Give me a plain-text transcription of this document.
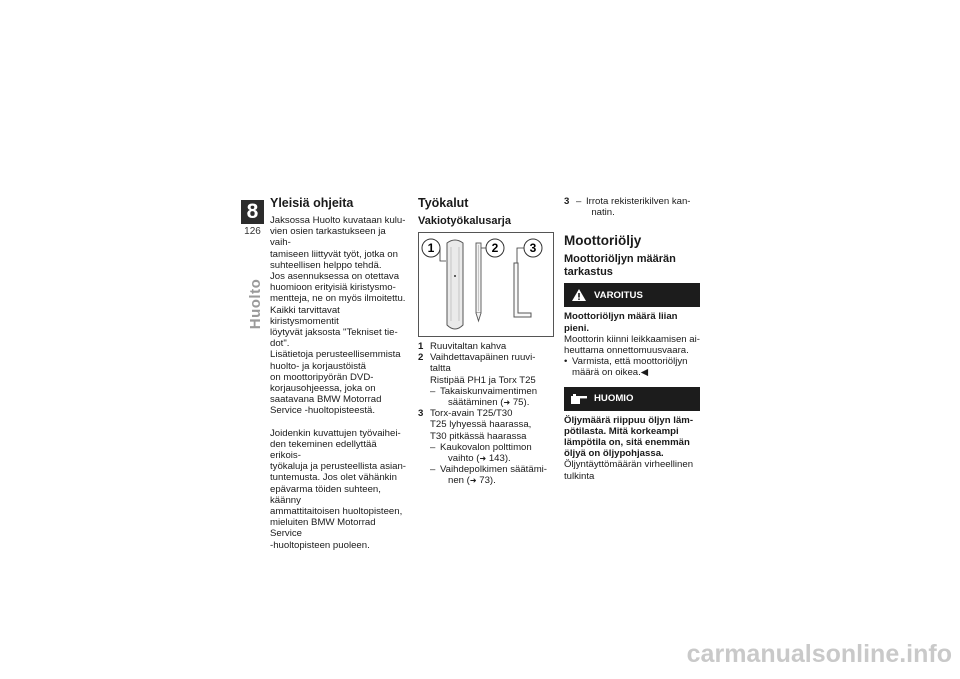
8
126
Huolto
Yleisiä ohjeita

Jaksossa Huolto kuvataan kulu-

vien osien tarkastukseen ja vaih-

tamiseen liittyvät työt, jotka on

suhteellisen helppo tehdä.

Jos asennuksessa on otettava

huomioon erityisiä kiristysmo-

mentteja, ne on myös ilmoitettu.

Kaikki tarvittavat kiristysmomentit

löytyvät jaksosta "Tekniset tie-

dot".

Lisätietoja perusteellisemmista

huolto- ja korjaustöistä

on moottoripyörän DVD-

korjausohjeessa, joka on

saatavana BMW Motorrad

Service -huoltopisteestä.

Joidenkin kuvattujen työvaihei-

den tekeminen edellyttää erikois-

työkaluja ja perusteellista asian-

tuntemusta. Jos olet vähänkin

epävarma töiden suhteen, käänny

ammattitaitoisen huoltopisteen,

mieluiten BMW Motorrad Service

-huoltopisteen puoleen.

Työkalut
Vakiotyökalusarja
1	2	3
1 Ruuvitaltan kahva
2 Vaihdettavapäinen ruuvi-

taltta

Ristipää PH1 ja Torx T25

– Takaiskunvaimentimen

säätäminen ( ➜ 75).

3 Torx-avain T25/T30

T25 lyhyessä haarassa,

T30 pitkässä haarassa

– Kaukovalon polttimon

vaihto ( ➜ 143).

– Vaihdepolkimen säätämi-

nen ( ➜ 73).

3 – Irrota rekisterikilven kan-

natin.

Moottoriöljy
Moottoriöljyn määrän
tarkastus
VAROITUS

Moottoriöljyn määrä liian

pieni.

Moottorin kiinni leikkaamisen ai-

heuttama onnettomuusvaara.

• Varmista, että moottoriöljyn

määrä on oikea.◀

HUOMIO

Öljymäärä riippuu öljyn läm-

pötilasta. Mitä korkeampi

lämpötila on, sitä enemmän

öljyä on öljypohjassa.

Öljyntäyttömäärän virheellinen

tulkinta

carmanualsonline.info
